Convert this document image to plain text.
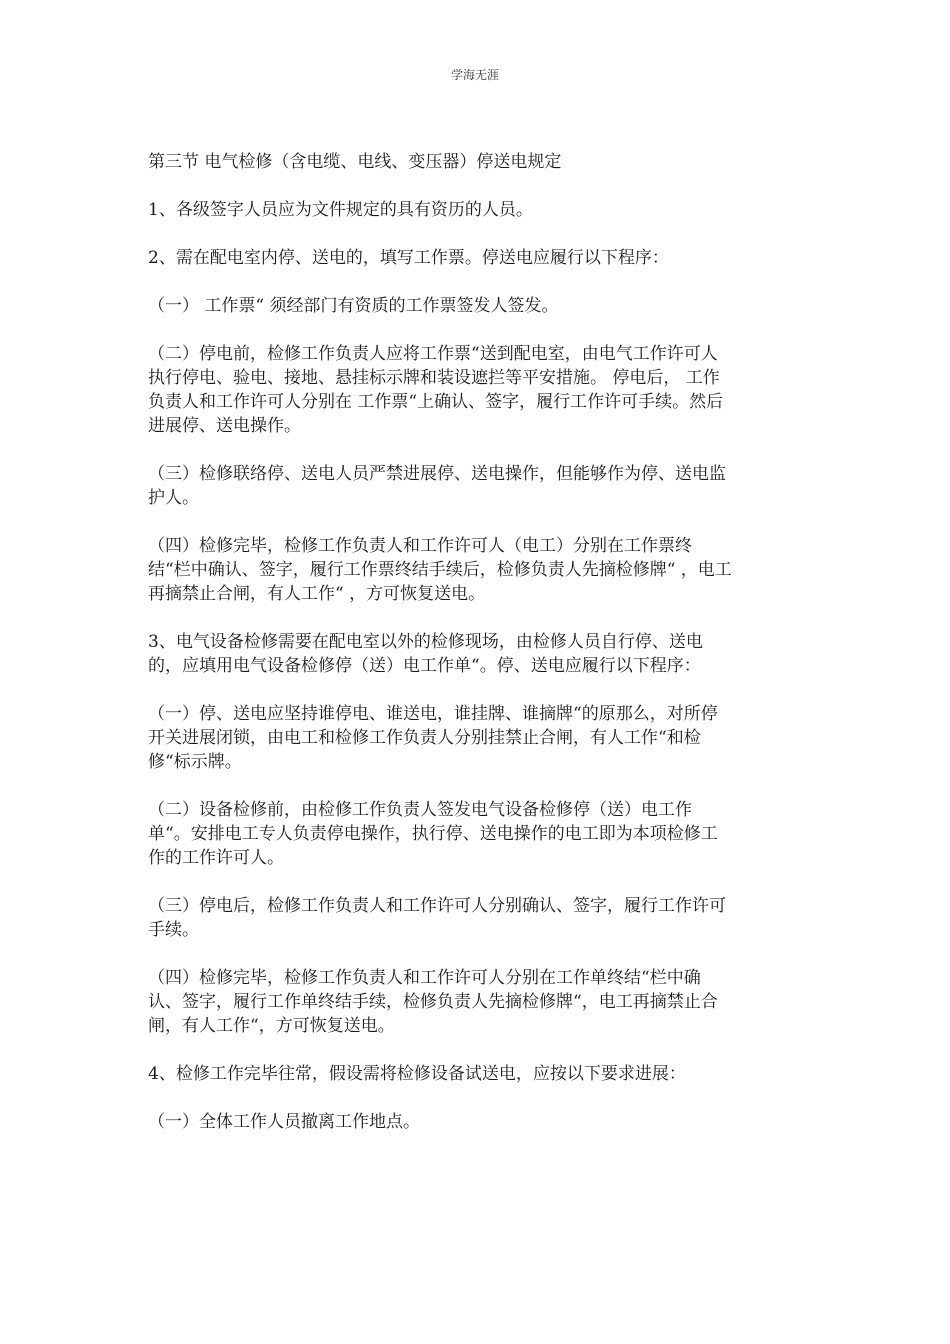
学海无涯
第三节 电气检修（含电缆、电线、变压器）停送电规定
1、各级签字人员应为文件规定的具有资历的人员。
2、需在配电室内停、送电的，填写工作票。停送电应履行以下程序：
（一） 工作票“ 须经部门有资质的工作票签发人签发。
（二）停电前，检修工作负责人应将工作票“送到配电室，由电气工作许可人
执行停电、验电、接地、悬挂标示牌和装设遮拦等平安措施。 停电后， 工作
负责人和工作许可人分别在 工作票“上确认、签字，履行工作许可手续。然后
进展停、送电操作。
（三）检修联络停、送电人员严禁进展停、送电操作，但能够作为停、送电监
护人。
（四）检修完毕，检修工作负责人和工作许可人（电工）分别在工作票终
结“栏中确认、签字，履行工作票终结手续后，检修负责人先摘检修牌“ ，电工
再摘禁止合闸，有人工作“ ，方可恢复送电。
3、电气设备检修需要在配电室以外的检修现场，由检修人员自行停、送电
的，应填用电气设备检修停（送）电工作单“。停、送电应履行以下程序：
（一）停、送电应坚持谁停电、谁送电，谁挂牌、谁摘牌“的原那么，对所停
开关进展闭锁，由电工和检修工作负责人分别挂禁止合闸，有人工作“和检
修“标示牌。
（二）设备检修前，由检修工作负责人签发电气设备检修停（送）电工作
单“。安排电工专人负责停电操作，执行停、送电操作的电工即为本项检修工
作的工作许可人。
（三）停电后，检修工作负责人和工作许可人分别确认、签字，履行工作许可
手续。
（四）检修完毕，检修工作负责人和工作许可人分别在工作单终结“栏中确
认、签字，履行工作单终结手续，检修负责人先摘检修牌“，电工再摘禁止合
闸，有人工作“，方可恢复送电。
4、检修工作完毕往常，假设需将检修设备试送电，应按以下要求进展：
（一）全体工作人员撤离工作地点。
